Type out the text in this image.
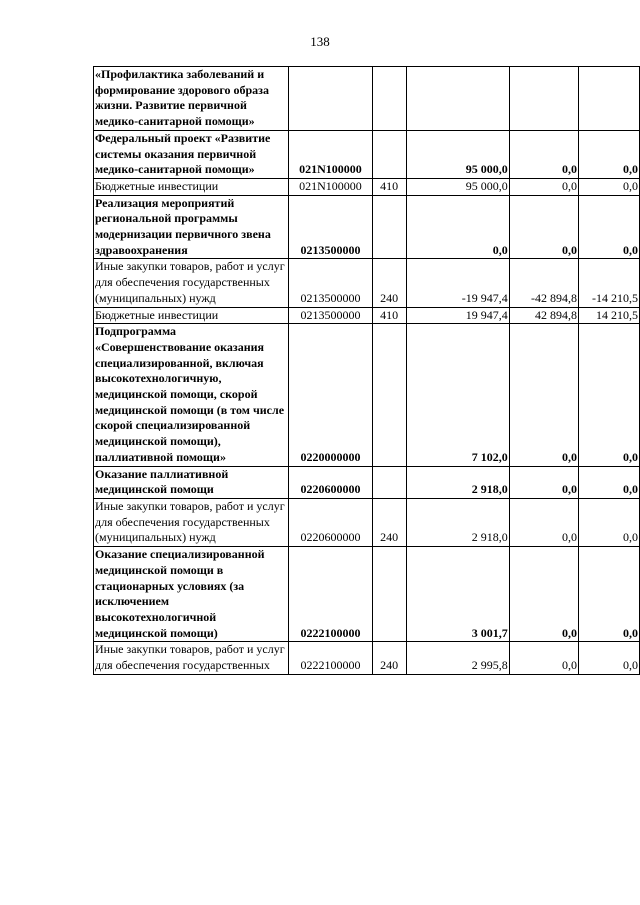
138
«Профилактика заболеваний и формирование здорового образа жизни. Развитие первичной медико-санитарной помощи»					
Федеральный проект «Развитие системы оказания первичной медико-санитарной помощи»	021N100000		95 000,0	0,0	0,0
Бюджетные инвестиции	021N100000	410	95 000,0	0,0	0,0
Реализация мероприятий региональной программы модернизации первичного звена здравоохранения	0213500000		0,0	0,0	0,0
Иные закупки товаров, работ и услуг для обеспечения государственных (муниципальных) нужд	0213500000	240	-19 947,4	-42 894,8	-14 210,5
Бюджетные инвестиции	0213500000	410	19 947,4	42 894,8	14 210,5
Подпрограмма «Совершенствование оказания специализированной, включая высокотехнологичную, медицинской помощи, скорой медицинской помощи (в том числе скорой специализированной медицинской помощи), паллиативной помощи»	0220000000		7 102,0	0,0	0,0
Оказание паллиативной медицинской помощи	0220600000		2 918,0	0,0	0,0
Иные закупки товаров, работ и услуг для обеспечения государственных (муниципальных) нужд	0220600000	240	2 918,0	0,0	0,0
Оказание специализированной медицинской помощи в стационарных условиях (за исключением высокотехнологичной медицинской помощи)	0222100000		3 001,7	0,0	0,0
Иные закупки товаров, работ и услуг для обеспечения государственных	0222100000	240	2 995,8	0,0	0,0
